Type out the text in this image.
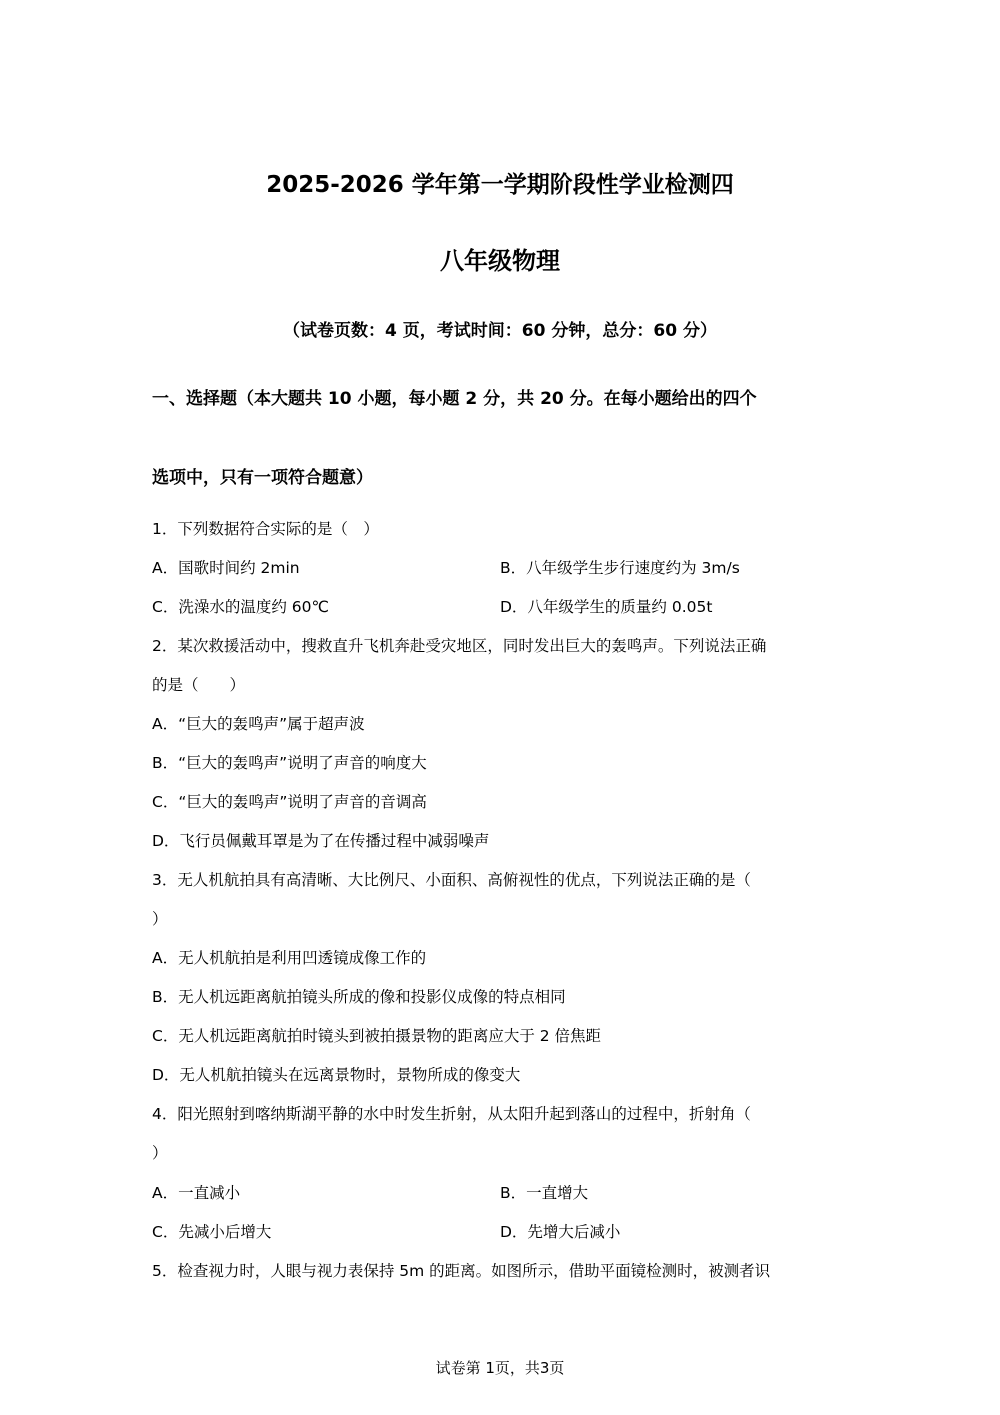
2025-2026 学年第一学期阶段性学业检测四
八年级物理
（试卷页数：4 页，考试时间：60 分钟，总分：60 分）
一、选择题（本大题共 10 小题，每小题 2 分，共 20 分。在每小题给出的四个
选项中，只有一项符合题意）
1．下列数据符合实际的是（　）
A．国歌时间约 2min	B．八年级学生步行速度约为 3m/s
C．洗澡水的温度约 60℃	D．八年级学生的质量约 0.05t
2．某次救援活动中，搜救直升飞机奔赴受灾地区，同时发出巨大的轰鸣声。下列说法正确
的是（　　）
A．“巨大的轰鸣声”属于超声波
B．“巨大的轰鸣声”说明了声音的响度大
C．“巨大的轰鸣声”说明了声音的音调高
D．飞行员佩戴耳罩是为了在传播过程中减弱噪声
3．无人机航拍具有高清晰、大比例尺、小面积、高俯视性的优点，下列说法正确的是（
）
A．无人机航拍是利用凹透镜成像工作的
B．无人机远距离航拍镜头所成的像和投影仪成像的特点相同
C．无人机远距离航拍时镜头到被拍摄景物的距离应大于 2 倍焦距
D．无人机航拍镜头在远离景物时，景物所成的像变大
4．阳光照射到喀纳斯湖平静的水中时发生折射，从太阳升起到落山的过程中，折射角（
）
A．一直减小	B．一直增大
C．先减小后增大	D．先增大后减小
5．检查视力时，人眼与视力表保持 5m 的距离。如图所示，借助平面镜检测时，被测者识
试卷第 1页，共3页
